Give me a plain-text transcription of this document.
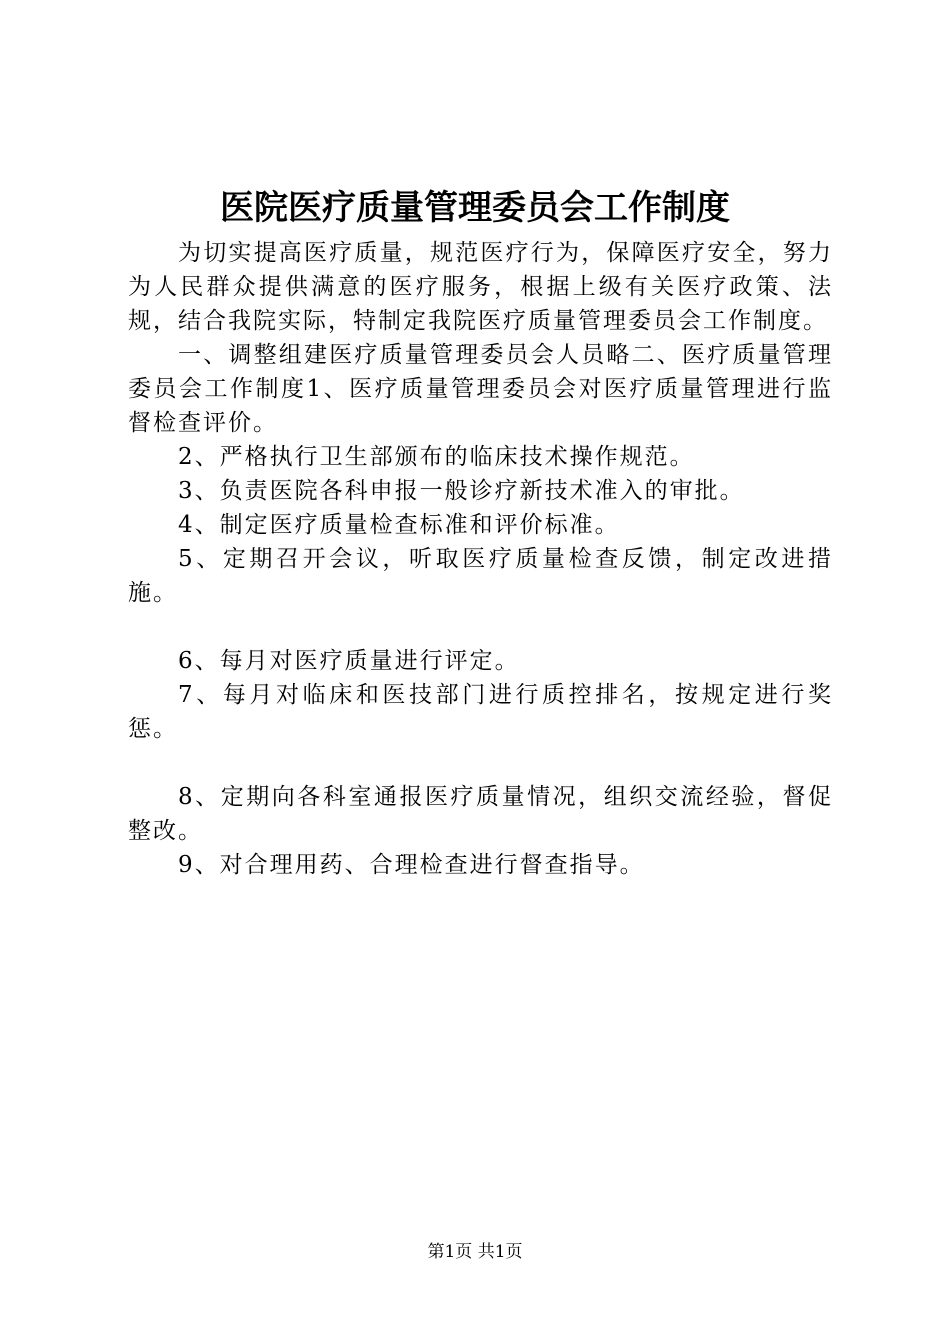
医院医疗质量管理委员会工作制度

为切实提高医疗质量，规范医疗行为，保障医疗安全，努力为人民群众提供满意的医疗服务，根据上级有关医疗政策、法规，结合我院实际，特制定我院医疗质量管理委员会工作制度。

一、调整组建医疗质量管理委员会人员略二、医疗质量管理委员会工作制度1、医疗质量管理委员会对医疗质量管理进行监督检查评价。

2、严格执行卫生部颁布的临床技术操作规范。

3、负责医院各科申报一般诊疗新技术准入的审批。

4、制定医疗质量检查标准和评价标准。

5、定期召开会议，听取医疗质量检查反馈，制定改进措施。

6、每月对医疗质量进行评定。

7、每月对临床和医技部门进行质控排名，按规定进行奖惩。

8、定期向各科室通报医疗质量情况，组织交流经验，督促整改。

9、对合理用药、合理检查进行督查指导。

第1页 共1页
